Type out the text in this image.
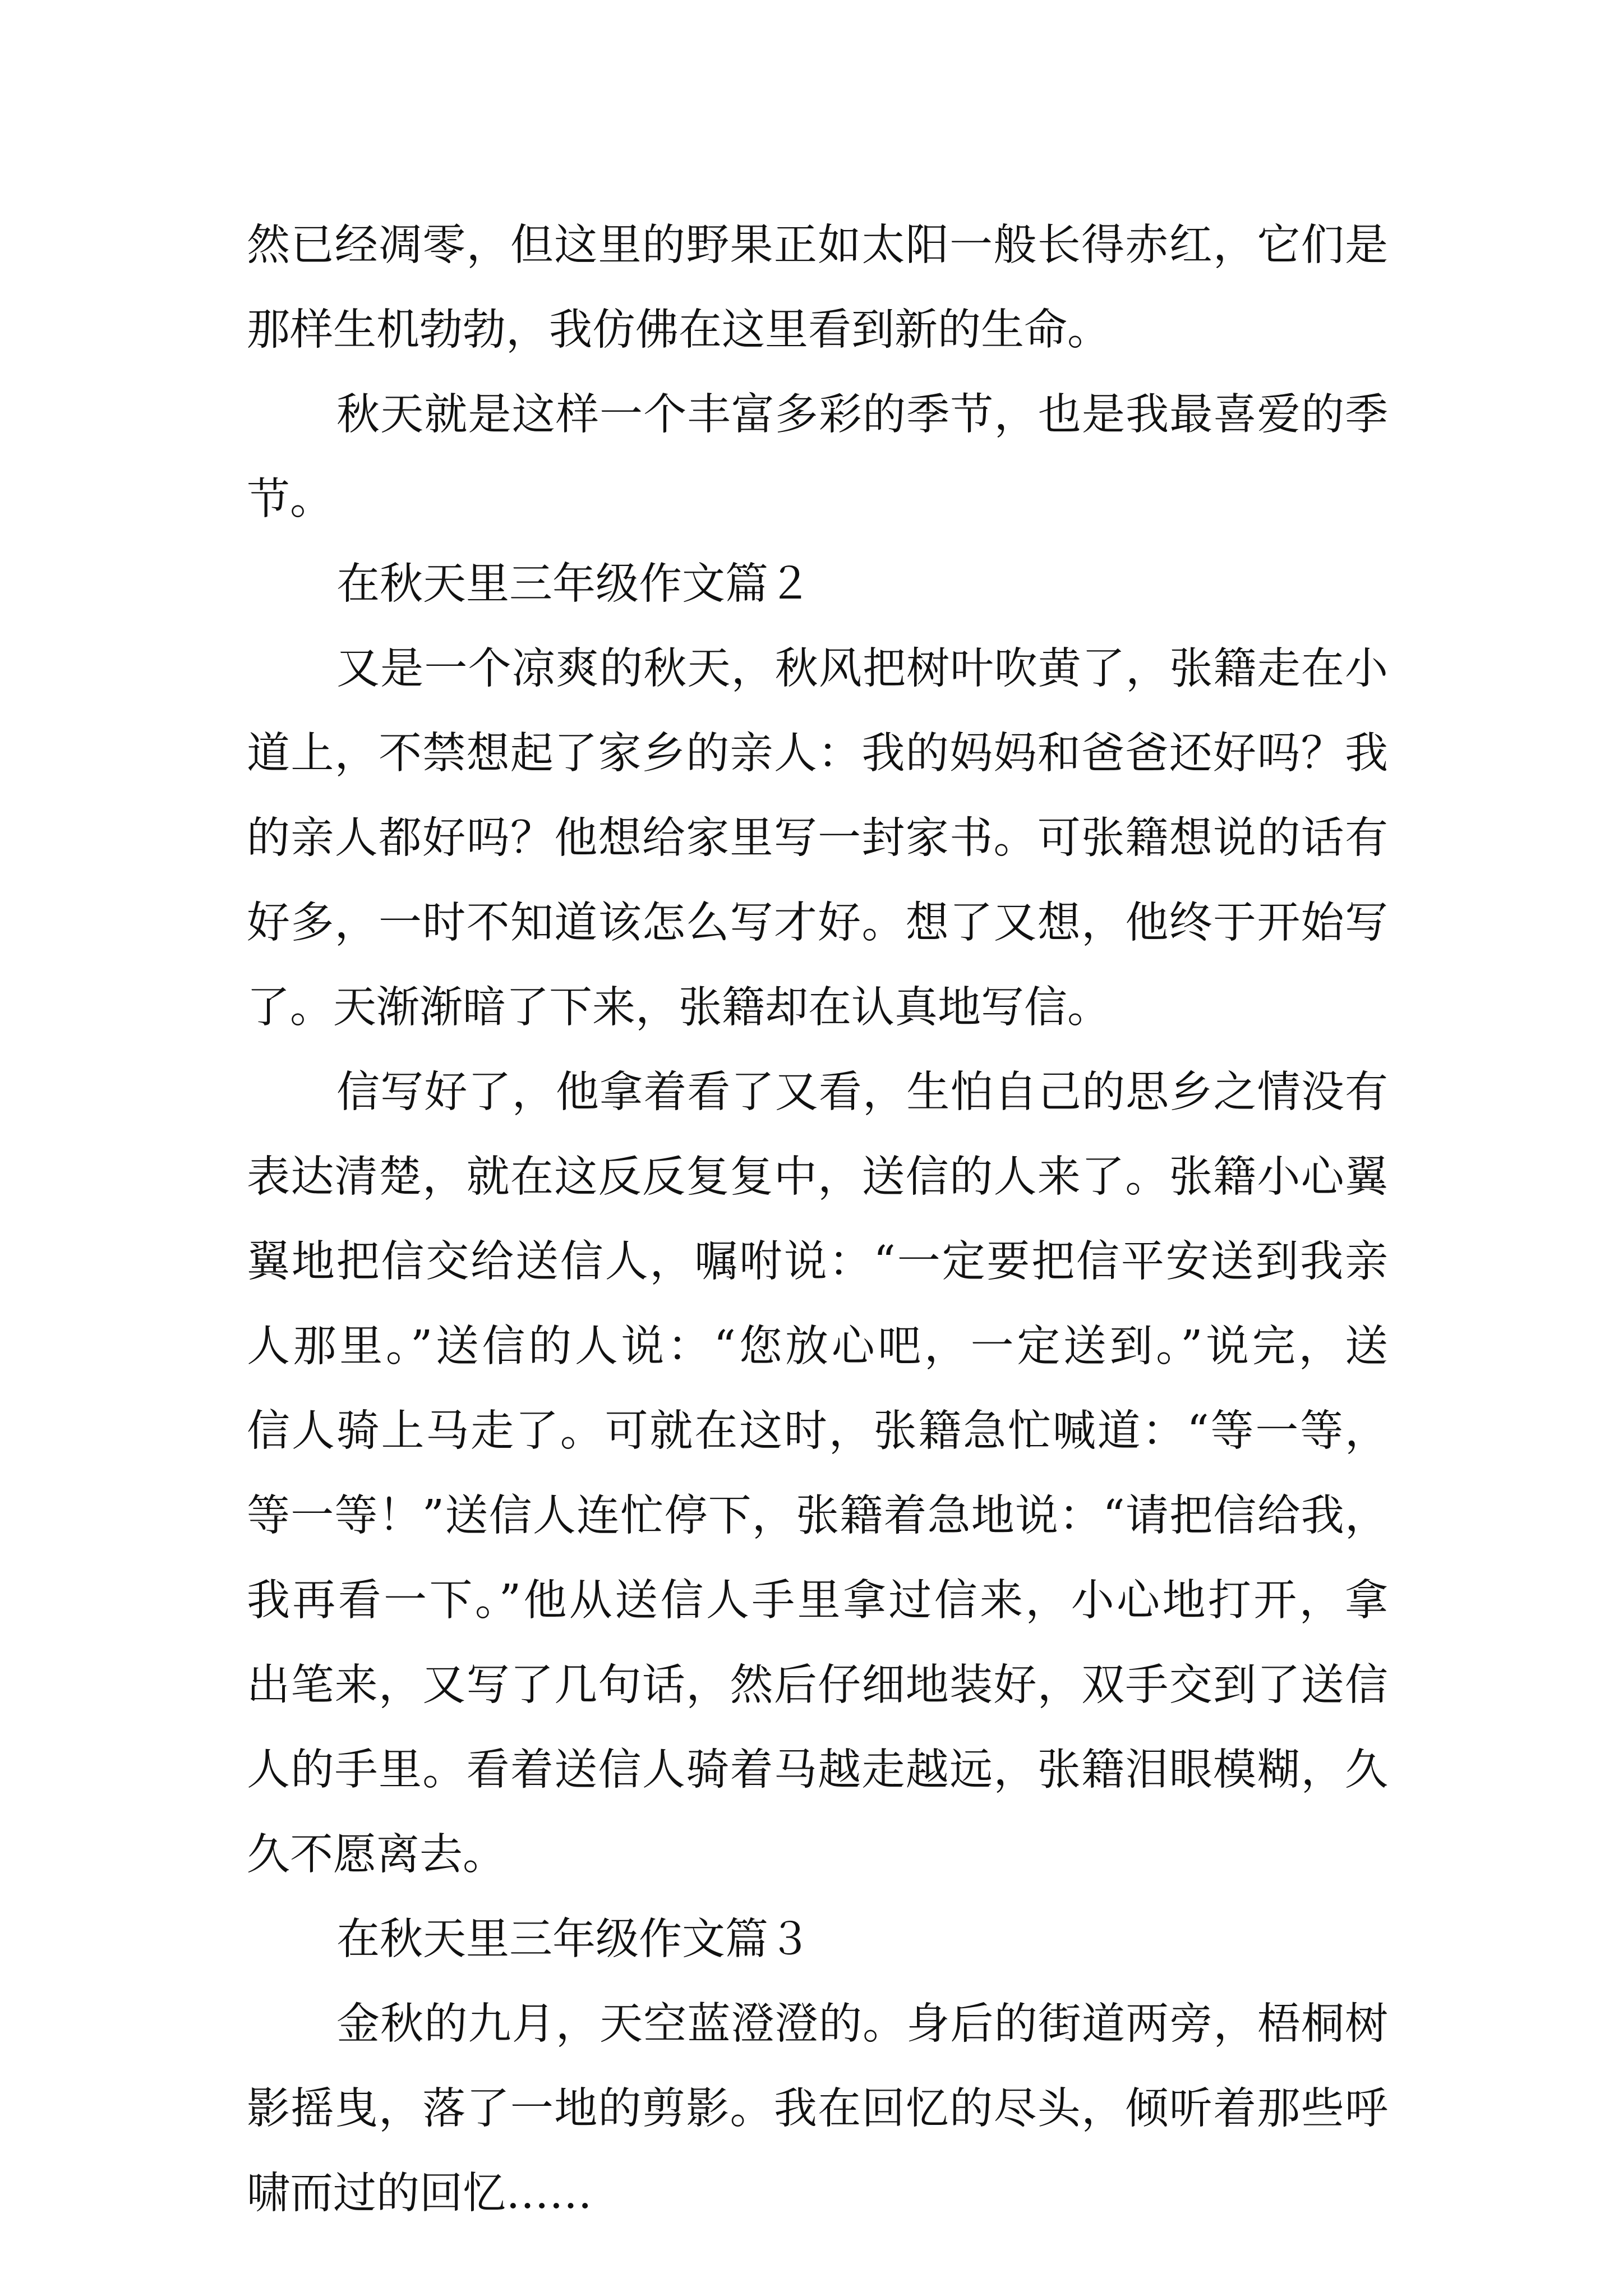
然已经凋零，但这里的野果正如太阳一般长得赤红，它们是
那样生机勃勃，我仿佛在这里看到新的生命。
秋天就是这样一个丰富多彩的季节，也是我最喜爱的季
节。
在秋天里三年级作文篇２
又是一个凉爽的秋天，秋风把树叶吹黄了，张籍走在小
道上，不禁想起了家乡的亲人：我的妈妈和爸爸还好吗？我
的亲人都好吗？他想给家里写一封家书。可张籍想说的话有
好多，一时不知道该怎么写才好。想了又想，他终于开始写
了。天渐渐暗了下来，张籍却在认真地写信。
信写好了，他拿着看了又看，生怕自己的思乡之情没有
表达清楚，就在这反反复复中，送信的人来了。张籍小心翼
翼地把信交给送信人，嘱咐说：“一定要把信平安送到我亲
人那里。”送信的人说：“您放心吧，一定送到。”说完，送
信人骑上马走了。可就在这时，张籍急忙喊道：“等一等，
等一等！”送信人连忙停下，张籍着急地说：“请把信给我，
我再看一下。”他从送信人手里拿过信来，小心地打开，拿
出笔来，又写了几句话，然后仔细地装好，双手交到了送信
人的手里。看着送信人骑着马越走越远，张籍泪眼模糊，久
久不愿离去。
在秋天里三年级作文篇３
金秋的九月，天空蓝澄澄的。身后的街道两旁，梧桐树
影摇曳，落了一地的剪影。我在回忆的尽头，倾听着那些呼
啸而过的回忆……
